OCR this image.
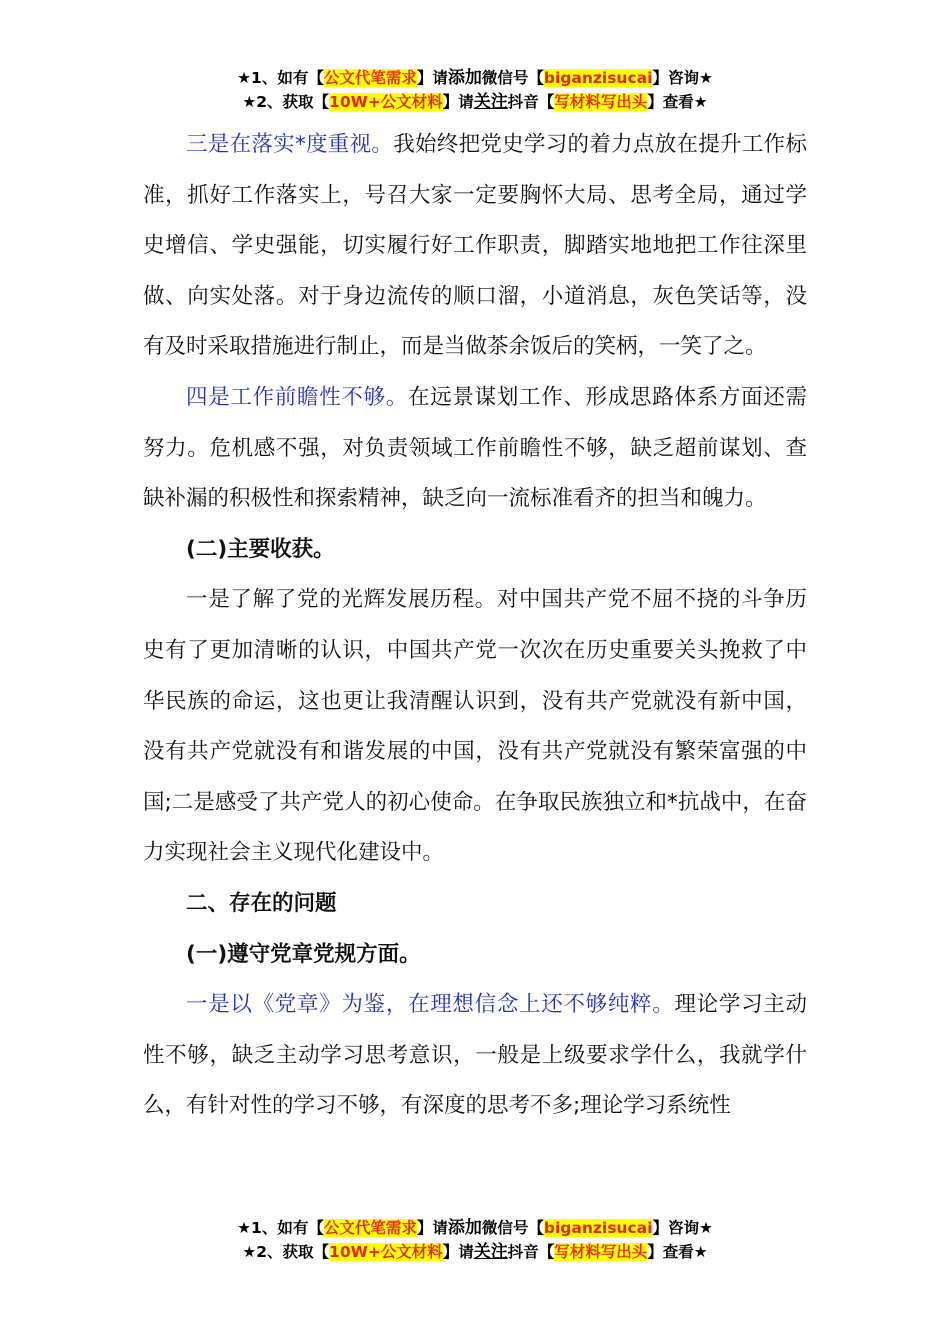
★1、如有【公文代笔需求】请添加微信号【biganzisucai】咨询★
★2、获取【10W+公文材料】请关注抖音【写材料写出头】查看★

三是在落实*度重视。我始终把党史学习的着力点放在提升工作标准，抓好工作落实上，号召大家一定要胸怀大局、思考全局，通过学史增信、学史强能，切实履行好工作职责，脚踏实地地把工作往深里做、向实处落。对于身边流传的顺口溜，小道消息，灰色笑话等，没有及时采取措施进行制止，而是当做茶余饭后的笑柄，一笑了之。

四是工作前瞻性不够。在远景谋划工作、形成思路体系方面还需努力。危机感不强，对负责领域工作前瞻性不够，缺乏超前谋划、查缺补漏的积极性和探索精神，缺乏向一流标准看齐的担当和魄力。

(二)主要收获。

一是了解了党的光辉发展历程。对中国共产党不屈不挠的斗争历史有了更加清晰的认识，中国共产党一次次在历史重要关头挽救了中华民族的命运，这也更让我清醒认识到，没有共产党就没有新中国，没有共产党就没有和谐发展的中国，没有共产党就没有繁荣富强的中国;二是感受了共产党人的初心使命。在争取民族独立和*抗战中，在奋力实现社会主义现代化建设中。

二、存在的问题

(一)遵守党章党规方面。

一是以《党章》为鉴，在理想信念上还不够纯粹。理论学习主动性不够，缺乏主动学习思考意识，一般是上级要求学什么，我就学什么，有针对性的学习不够，有深度的思考不多;理论学习系统性

★1、如有【公文代笔需求】请添加微信号【biganzisucai】咨询★
★2、获取【10W+公文材料】请关注抖音【写材料写出头】查看★
